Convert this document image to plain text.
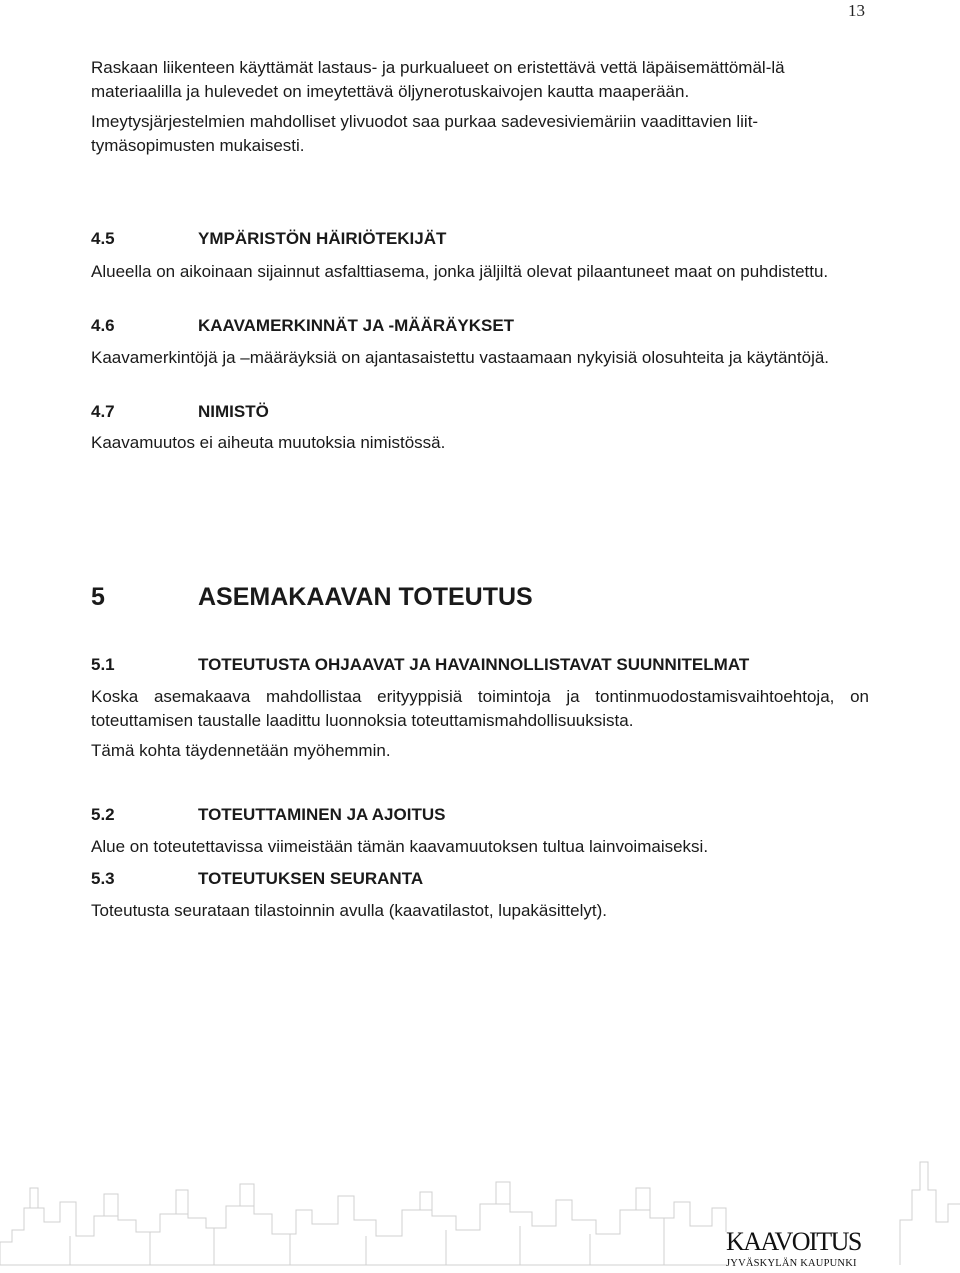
13

Raskaan liikenteen käyttämät lastaus- ja purkualueet on eristettävä vettä läpäisemättömäl-lä materiaalilla ja hulevedet on imeytettävä öljynerotuskaivojen kautta maaperään.

Imeytysjärjestelmien mahdolliset ylivuodot saa purkaa sadevesiviemäriin vaadittavien liit-tymäsopimusten mukaisesti.

4.5	YMPÄRISTÖN HÄIRIÖTEKIJÄT

Alueella on aikoinaan sijainnut asfalttiasema, jonka jäljiltä olevat pilaantuneet maat on puhdistettu.

4.6	KAAVAMERKINNÄT JA -MÄÄRÄYKSET

Kaavamerkintöjä ja –määräyksiä on ajantasaistettu vastaamaan nykyisiä olosuhteita ja käytäntöjä.

4.7	NIMISTÖ

Kaavamuutos ei aiheuta muutoksia nimistössä.

5	ASEMAKAAVAN TOTEUTUS
5.1	TOTEUTUSTA OHJAAVAT JA HAVAINNOLLISTAVAT SUUNNITELMAT

Koska asemakaava mahdollistaa erityyppisiä toimintoja ja tontinmuodostamisvaihtoehtoja, on toteuttamisen taustalle laadittu luonnoksia toteuttamismahdollisuuksista.

Tämä kohta täydennetään myöhemmin.

5.2	TOTEUTTAMINEN JA AJOITUS

Alue on toteutettavissa viimeistään tämän kaavamuutoksen tultua lainvoimaiseksi.

5.3	TOTEUTUKSEN SEURANTA

Toteutusta seurataan tilastoinnin avulla (kaavatilastot, lupakäsittelyt).

KAAVOITUS
JYVÄSKYLÄN KAUPUNKI
